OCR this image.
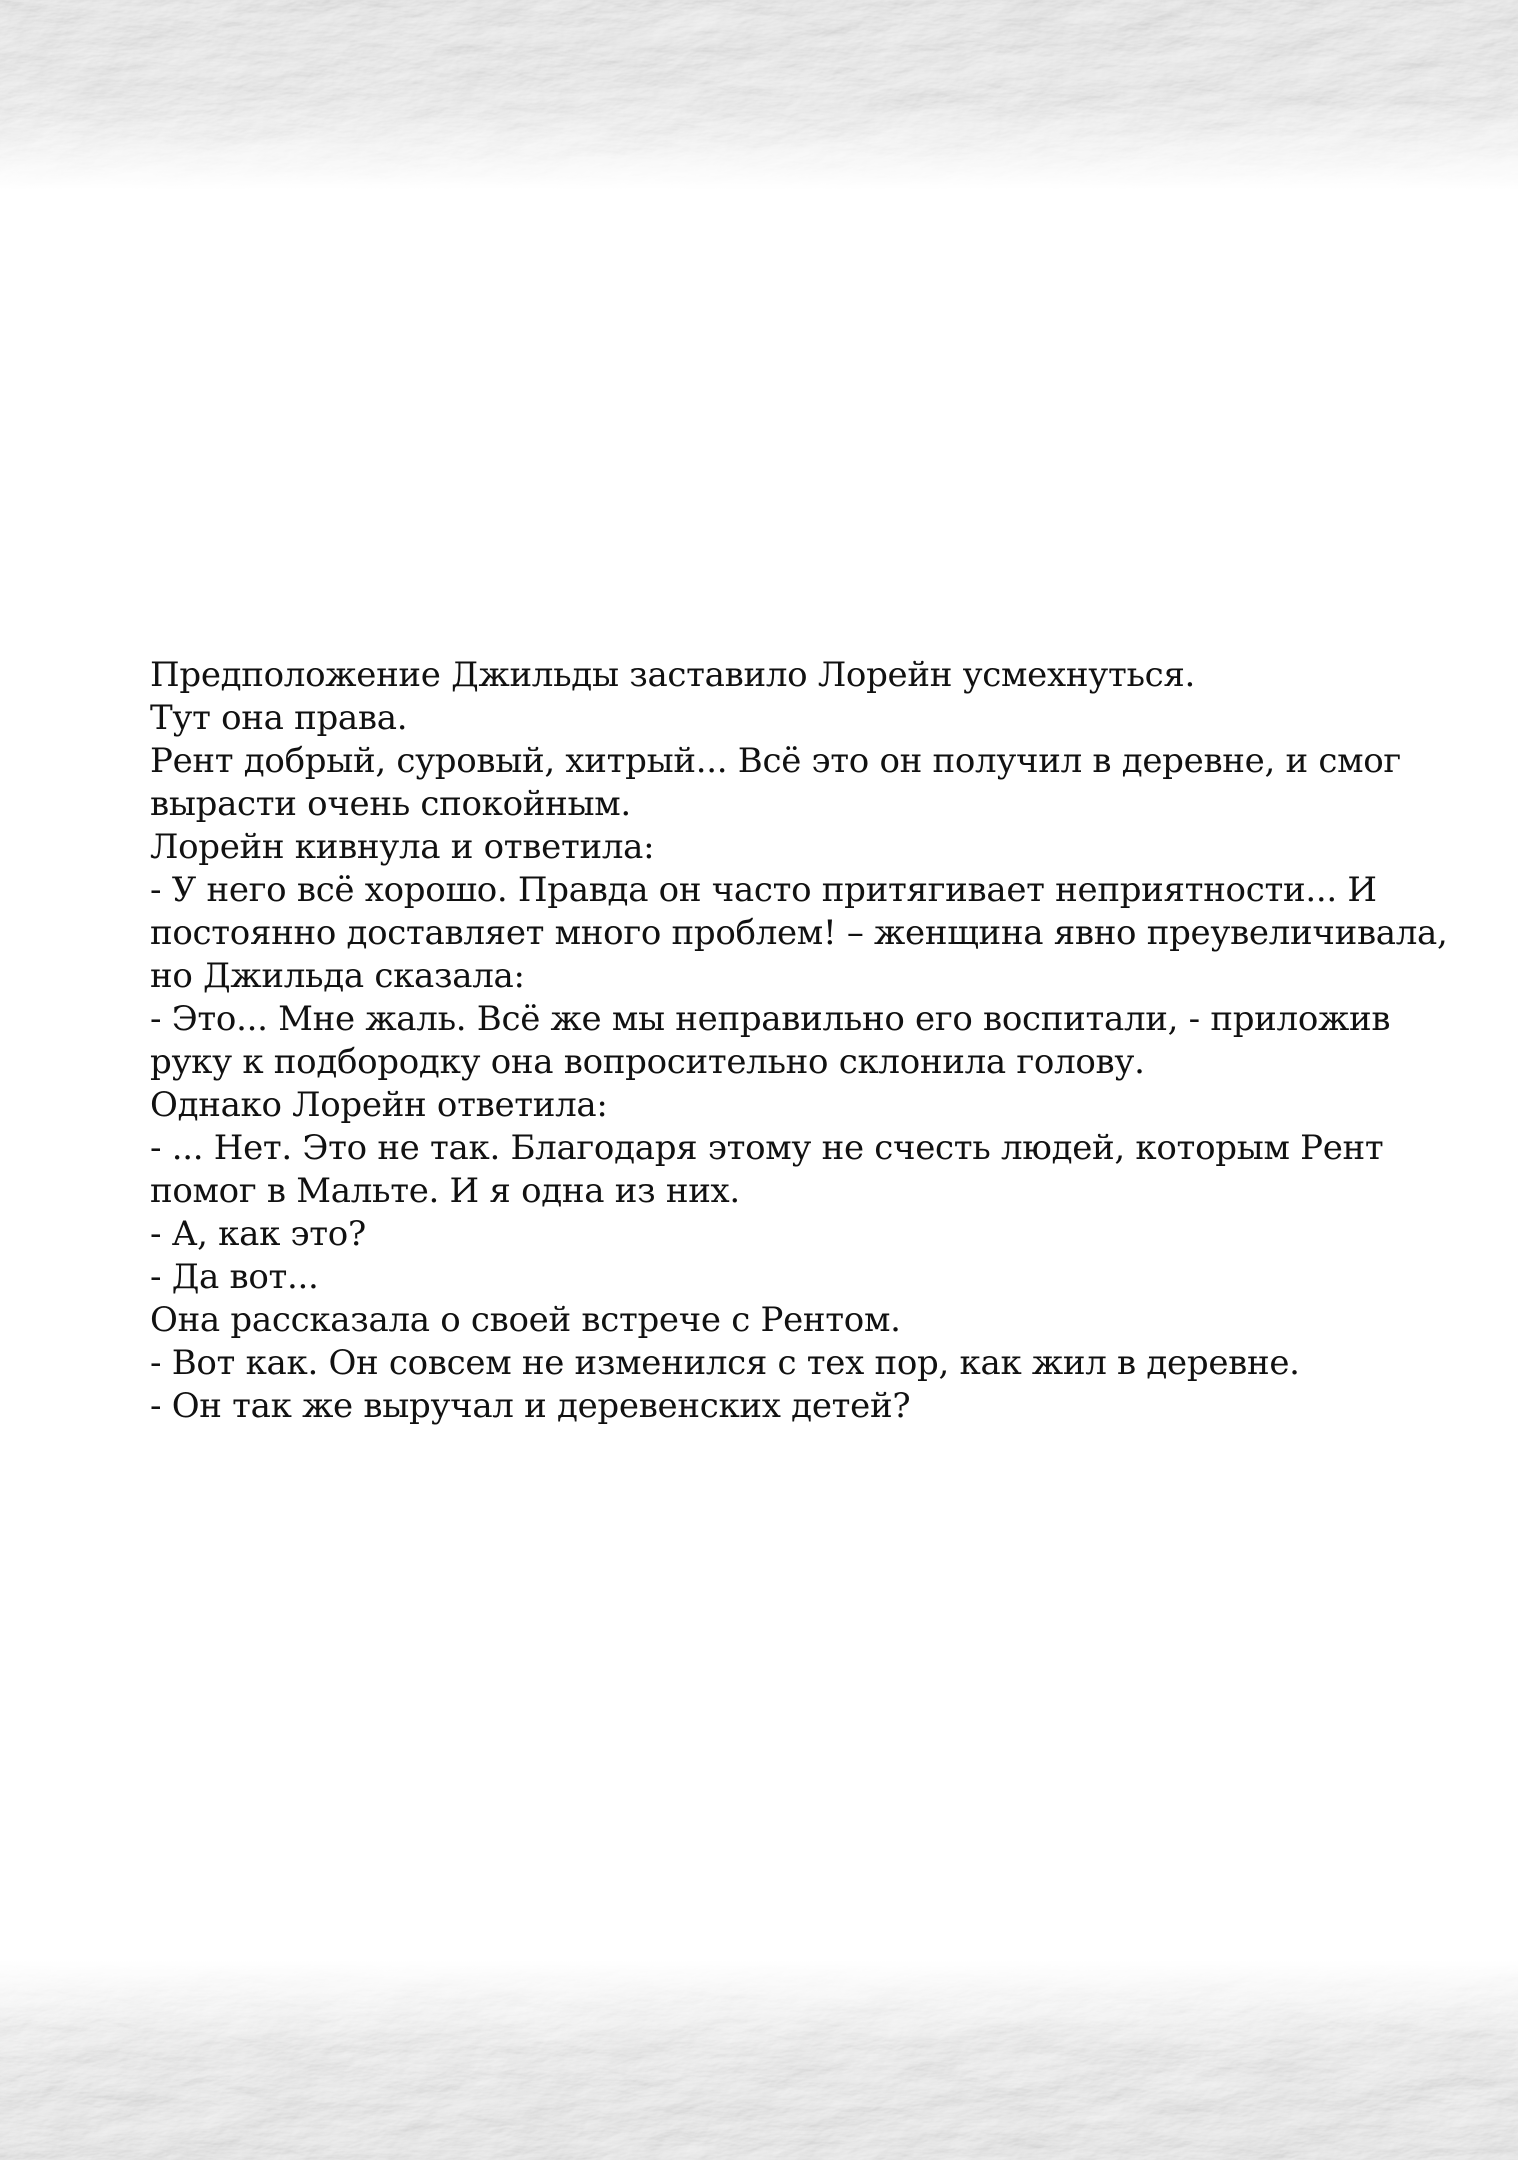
Предположение Джильды заставило Лорейн усмехнуться.
Тут она права.
Рент добрый, суровый, хитрый... Всё это он получил в деревне, и смог
вырасти очень спокойным.
Лорейн кивнула и ответила:
- У него всё хорошо. Правда он часто притягивает неприятности... И
постоянно доставляет много проблем! – женщина явно преувеличивала,
но Джильда сказала:
- Это... Мне жаль. Всё же мы неправильно его воспитали, - приложив
руку к подбородку она вопросительно склонила голову.
Однако Лорейн ответила:
- ... Нет. Это не так. Благодаря этому не счесть людей, которым Рент
помог в Мальте. И я одна из них.
- А, как это?
- Да вот...
Она рассказала о своей встрече с Рентом.
- Вот как. Он совсем не изменился с тех пор, как жил в деревне.
- Он так же выручал и деревенских детей?
